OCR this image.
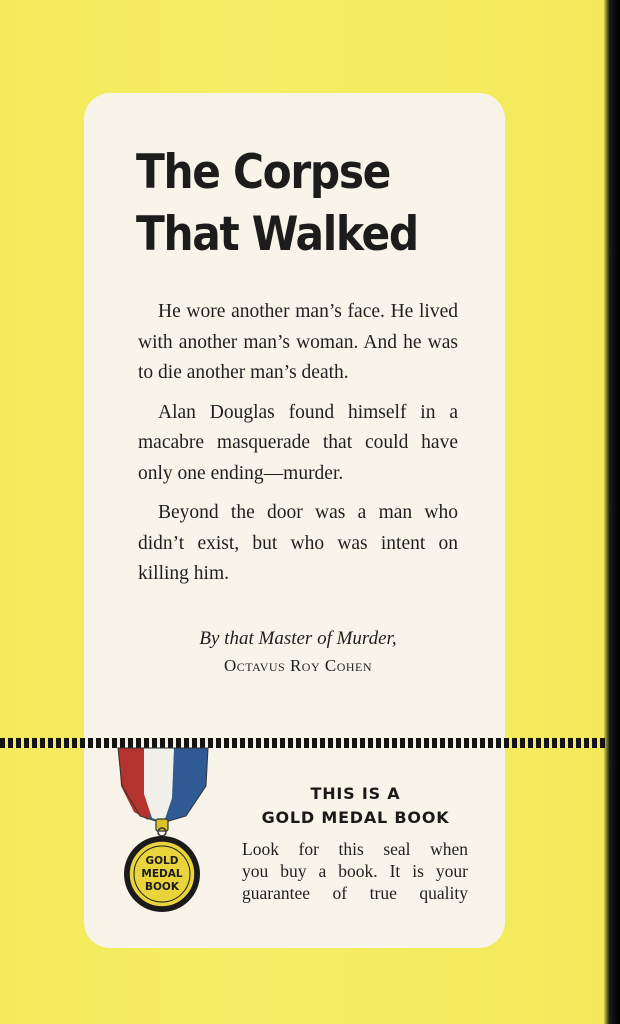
The Corpse
That Walked

He wore another man’s face. He lived with another man’s woman. And he was to die another man’s death.

Alan Douglas found himself in a macabre masquerade that could have only one ending—murder.

Beyond the door was a man who didn’t exist, but who was intent on killing him.

By that Master of Murder,
Octavus Roy Cohen
GOLD
MEDAL
BOOK
THIS IS A
GOLD MEDAL BOOK
Look for this seal when
you buy a book. It is your
guarantee of true quality
